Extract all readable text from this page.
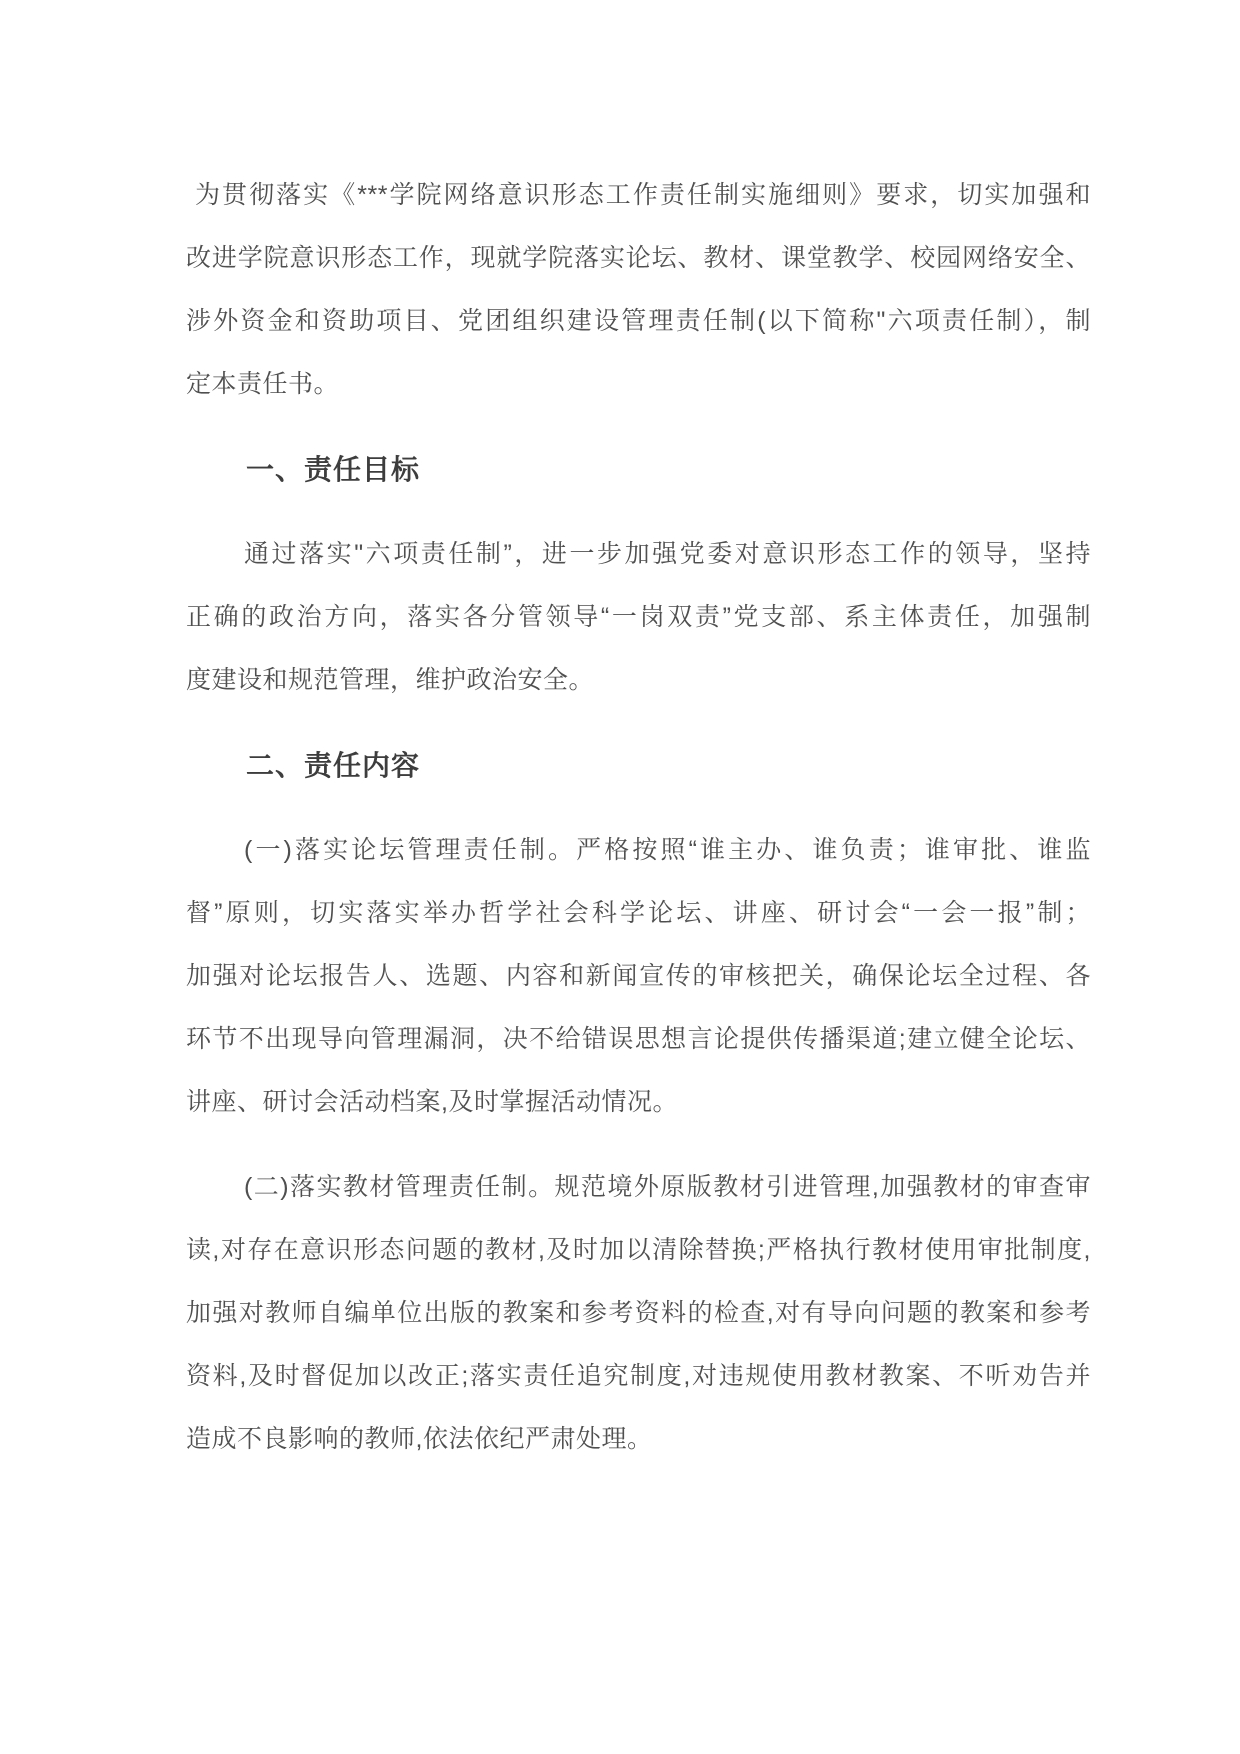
为贯彻落实《***学院网络意识形态工作责任制实施细则》要求，切实加强和
改进学院意识形态工作，现就学院落实论坛、教材、课堂教学、校园网络安全、
涉外资金和资助项目、党团组织建设管理责任制(以下简称"六项责任制），制
定本责任书。
一、责任目标
通过落实"六项责任制”，进一步加强党委对意识形态工作的领导，坚持
正确的政治方向，落实各分管领导“一岗双责”党支部、系主体责任，加强制
度建设和规范管理，维护政治安全。
二、责任内容
(一)落实论坛管理责任制。严格按照“谁主办、谁负责；谁审批、谁监
督”原则，切实落实举办哲学社会科学论坛、讲座、研讨会“一会一报”制；
加强对论坛报告人、选题、内容和新闻宣传的审核把关，确保论坛全过程、各
环节不出现导向管理漏洞，决不给错误思想言论提供传播渠道;建立健全论坛、
讲座、研讨会活动档案,及时掌握活动情况。
(二)落实教材管理责任制。规范境外原版教材引进管理,加强教材的审查审
读,对存在意识形态问题的教材,及时加以清除替换;严格执行教材使用审批制度,
加强对教师自编单位出版的教案和参考资料的检查,对有导向问题的教案和参考
资料,及时督促加以改正;落实责任追究制度,对违规使用教材教案、不听劝告并
造成不良影响的教师,依法依纪严肃处理。
